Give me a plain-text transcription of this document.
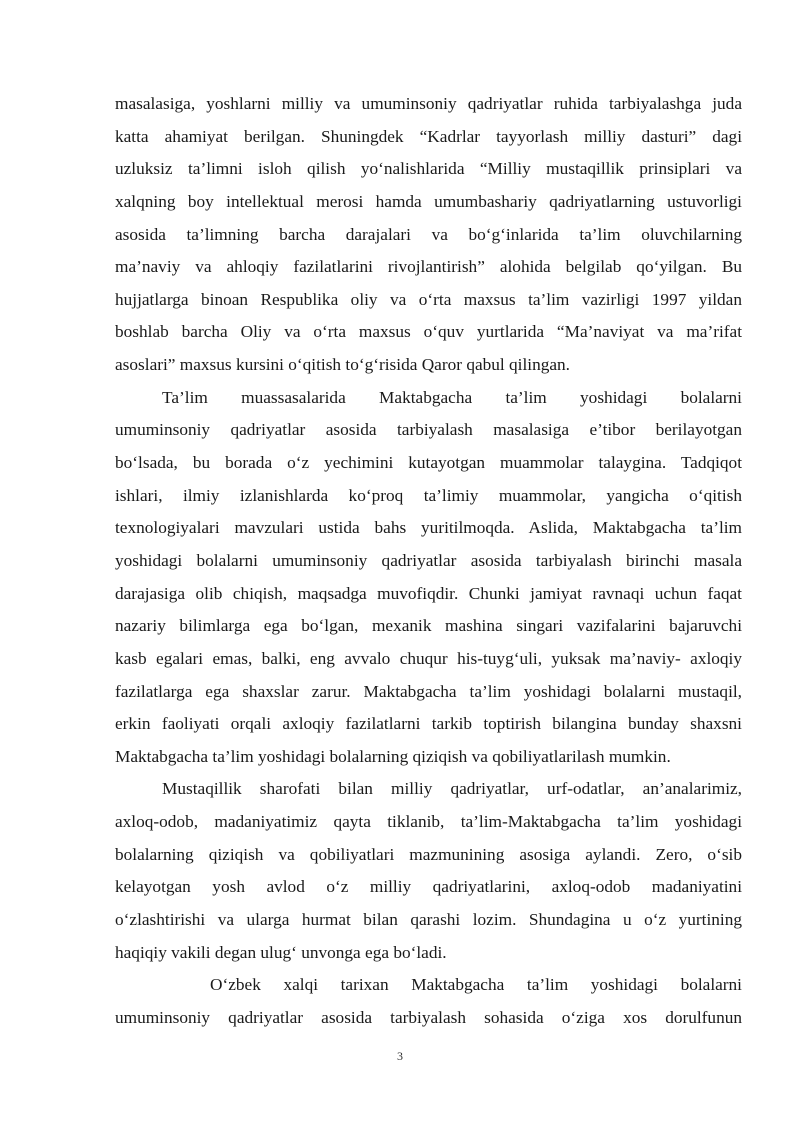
masalasiga, yoshlarni milliy va umuminsoniy qadriyatlar ruhida tarbiyalashga juda
katta ahamiyat berilgan. Shuningdek “Kadrlar tayyorlash milliy dasturi” dagi
uzluksiz ta’limni isloh qilish yo‘nalishlarida “Milliy mustaqillik prinsiplari va
xalqning boy intellektual merosi hamda umumbashariy qadriyatlarning ustuvorligi
asosida ta’limning barcha darajalari va bo‘g‘inlarida ta’lim oluvchilarning
ma’naviy va ahloqiy fazilatlarini rivojlantirish” alohida belgilab qo‘yilgan. Bu
hujjatlarga binoan Respublika oliy va o‘rta maxsus ta’lim vazirligi 1997 yildan
boshlab barcha Oliy va o‘rta maxsus o‘quv yurtlarida “Ma’naviyat va ma’rifat
asoslari” maxsus kursini o‘qitish to‘g‘risida Qaror qabul qilingan.
Ta’lim muassasalarida Maktabgacha ta’lim yoshidagi bolalarni
umuminsoniy qadriyatlar asosida tarbiyalash masalasiga e’tibor berilayotgan
bo‘lsada, bu borada o‘z yechimini kutayotgan muammolar talaygina. Tadqiqot
ishlari, ilmiy izlanishlarda ko‘proq ta’limiy muammolar, yangicha o‘qitish
texnologiyalari mavzulari ustida bahs yuritilmoqda. Aslida, Maktabgacha ta’lim
yoshidagi bolalarni umuminsoniy qadriyatlar asosida tarbiyalash birinchi masala
darajasiga olib chiqish, maqsadga muvofiqdir. Chunki jamiyat ravnaqi uchun faqat
nazariy bilimlarga ega bo‘lgan, mexanik mashina singari vazifalarini bajaruvchi
kasb egalari emas, balki, eng avvalo chuqur his-tuyg‘uli, yuksak ma’naviy- axloqiy
fazilatlarga ega shaxslar zarur. Maktabgacha ta’lim yoshidagi bolalarni mustaqil,
erkin faoliyati orqali axloqiy fazilatlarni tarkib toptirish bilangina bunday shaxsni
Maktabgacha ta’lim yoshidagi bolalarning qiziqish va qobiliyatlarilash mumkin.
Mustaqillik sharofati bilan milliy qadriyatlar, urf-odatlar, an’analarimiz,
axloq-odob, madaniyatimiz qayta tiklanib, ta’lim-Maktabgacha ta’lim yoshidagi
bolalarning qiziqish va qobiliyatlari mazmunining asosiga aylandi. Zero, o‘sib
kelayotgan yosh avlod o‘z milliy qadriyatlarini, axloq-odob madaniyatini
o‘zlashtirishi va ularga hurmat bilan qarashi lozim. Shundagina u o‘z yurtining
haqiqiy vakili degan ulug‘ unvonga ega bo‘ladi.
O‘zbek xalqi tarixan Maktabgacha ta’lim yoshidagi bolalarni
umuminsoniy qadriyatlar asosida tarbiyalash sohasida o‘ziga xos dorulfunun
3
